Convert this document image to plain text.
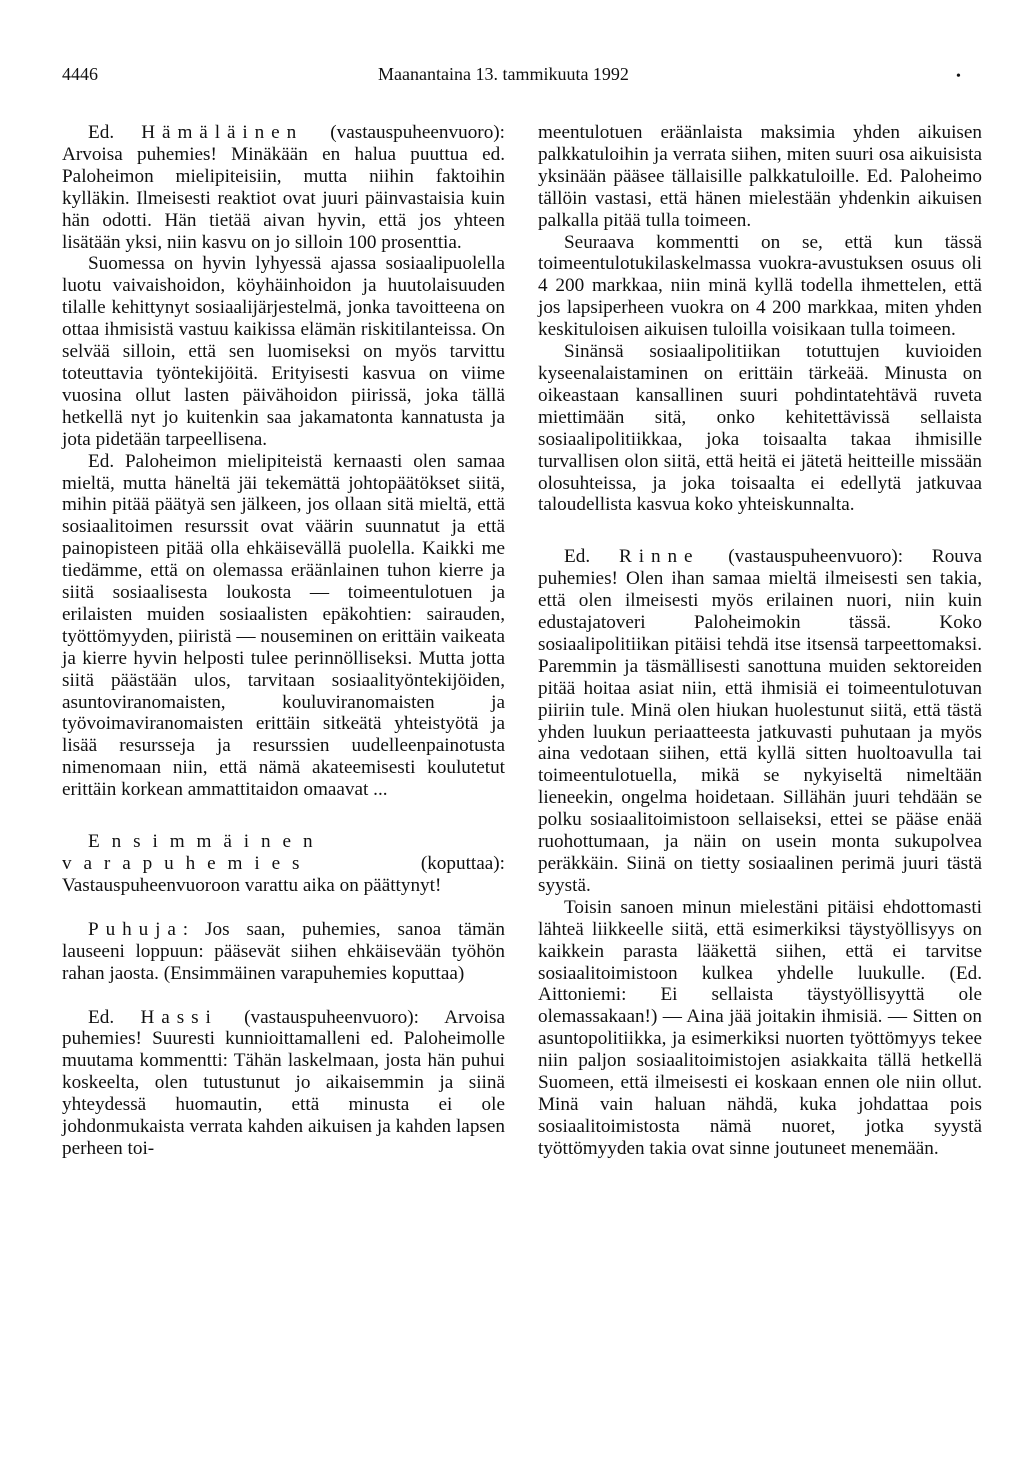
4446	Maanantaina 13. tammikuuta 1992	•

Ed. Hämäläinen (vastauspuheenvuoro): Arvoisa puhemies! Minäkään en halua puuttua ed. Paloheimon mielipiteisiin, mutta niihin faktoihin kylläkin. Ilmeisesti reaktiot ovat juuri päinvastaisia kuin hän odotti. Hän tietää aivan hyvin, että jos yhteen lisätään yksi, niin kasvu on jo silloin 100 prosenttia.

Suomessa on hyvin lyhyessä ajassa sosiaalipuolella luotu vaivaishoidon, köyhäinhoidon ja huutolaisuuden tilalle kehittynyt sosiaalijärjestelmä, jonka tavoitteena on ottaa ihmisistä vastuu kaikissa elämän riskitilanteissa. On selvää silloin, että sen luomiseksi on myös tarvittu toteuttavia työntekijöitä. Erityisesti kasvua on viime vuosina ollut lasten päivähoidon piirissä, joka tällä hetkellä nyt jo kuitenkin saa jakamatonta kannatusta ja jota pidetään tarpeellisena.

Ed. Paloheimon mielipiteistä kernaasti olen samaa mieltä, mutta häneltä jäi tekemättä johtopäätökset siitä, mihin pitää päätyä sen jälkeen, jos ollaan sitä mieltä, että sosiaalitoimen resurssit ovat väärin suunnatut ja että painopisteen pitää olla ehkäisevällä puolella. Kaikki me tiedämme, että on olemassa eräänlainen tuhon kierre ja siitä sosiaalisesta loukosta — toimeentulotuen ja erilaisten muiden sosiaalisten epäkohtien: sairauden, työttömyyden, piiristä — nouseminen on erittäin vaikeata ja kierre hyvin helposti tulee perinnölliseksi. Mutta jotta siitä päästään ulos, tarvitaan sosiaalityöntekijöiden, asuntoviranomaisten, kouluviranomaisten ja työvoimaviranomaisten erittäin sitkeätä yhteistyötä ja lisää resursseja ja resurssien uudelleenpainotusta nimenomaan niin, että nämä akateemisesti koulutetut erittäin korkean ammattitaidon omaavat ...

Ensimmäinen varapuhemies	(koputtaa): Vastauspuheenvuoroon varattu aika on päättynyt!

Puhuja: Jos saan, puhemies, sanoa tämän lauseeni loppuun: pääsevät siihen ehkäisevään työhön rahan jaosta. (Ensimmäinen varapuhemies koputtaa)

Ed. Hassi (vastauspuheenvuoro): Arvoisa puhemies! Suuresti kunnioittamalleni ed. Paloheimolle muutama kommentti: Tähän laskelmaan, josta hän puhui koskeelta, olen tutustunut jo aikaisemmin ja siinä yhteydessä huomautin, että minusta ei ole johdonmukaista verrata kahden aikuisen ja kahden lapsen perheen toi-

meentulotuen eräänlaista maksimia yhden aikuisen palkkatuloihin ja verrata siihen, miten suuri osa aikuisista yksinään pääsee tällaisille palkkatuloille. Ed. Paloheimo tällöin vastasi, että hänen mielestään yhdenkin aikuisen palkalla pitää tulla toimeen.

Seuraava kommentti on se, että kun tässä toimeentulotukilaskelmassa vuokra-avustuksen osuus oli 4 200 markkaa, niin minä kyllä todella ihmettelen, että jos lapsiperheen vuokra on 4 200 markkaa, miten yhden keskituloisen aikuisen tuloilla voisikaan tulla toimeen.

Sinänsä sosiaalipolitiikan totuttujen kuvioiden kyseenalaistaminen on erittäin tärkeää. Minusta on oikeastaan kansallinen suuri pohdintatehtävä ruveta miettimään sitä, onko kehitettävissä sellaista sosiaalipolitiikkaa, joka toisaalta takaa ihmisille turvallisen olon siitä, että heitä ei jätetä heitteille missään olosuhteissa, ja joka toisaalta ei edellytä jatkuvaa taloudellista kasvua koko yhteiskunnalta.

Ed. Rinne (vastauspuheenvuoro): Rouva puhemies! Olen ihan samaa mieltä ilmeisesti sen takia, että olen ilmeisesti myös erilainen nuori, niin kuin edustajatoveri Paloheimokin tässä. Koko sosiaalipolitiikan pitäisi tehdä itse itsensä tarpeettomaksi. Paremmin ja täsmällisesti sanottuna muiden sektoreiden pitää hoitaa asiat niin, että ihmisiä ei toimeentulotuvan piiriin tule. Minä olen hiukan huolestunut siitä, että tästä yhden luukun periaatteesta jatkuvasti puhutaan ja myös aina vedotaan siihen, että kyllä sitten huoltoavulla tai toimeentulotuella, mikä se nykyiseltä nimeltään lieneekin, ongelma hoidetaan. Sillähän juuri tehdään se polku sosiaalitoimistoon sellaiseksi, ettei se pääse enää ruohottumaan, ja näin on usein monta sukupolvea peräkkäin. Siinä on tietty sosiaalinen perimä juuri tästä syystä.

Toisin sanoen minun mielestäni pitäisi ehdottomasti lähteä liikkeelle siitä, että esimerkiksi täystyöllisyys on kaikkein parasta lääkettä siihen, että ei tarvitse sosiaalitoimistoon kulkea yhdelle luukulle. (Ed. Aittoniemi: Ei sellaista täystyöllisyyttä ole olemassakaan!) — Aina jää joitakin ihmisiä. — Sitten on asuntopolitiikka, ja esimerkiksi nuorten työttömyys tekee niin paljon sosiaalitoimistojen asiakkaita tällä hetkellä Suomeen, että ilmeisesti ei koskaan ennen ole niin ollut. Minä vain haluan nähdä, kuka johdattaa pois sosiaalitoimistosta nämä nuoret, jotka syystä työttömyyden takia ovat sinne joutuneet menemään.
